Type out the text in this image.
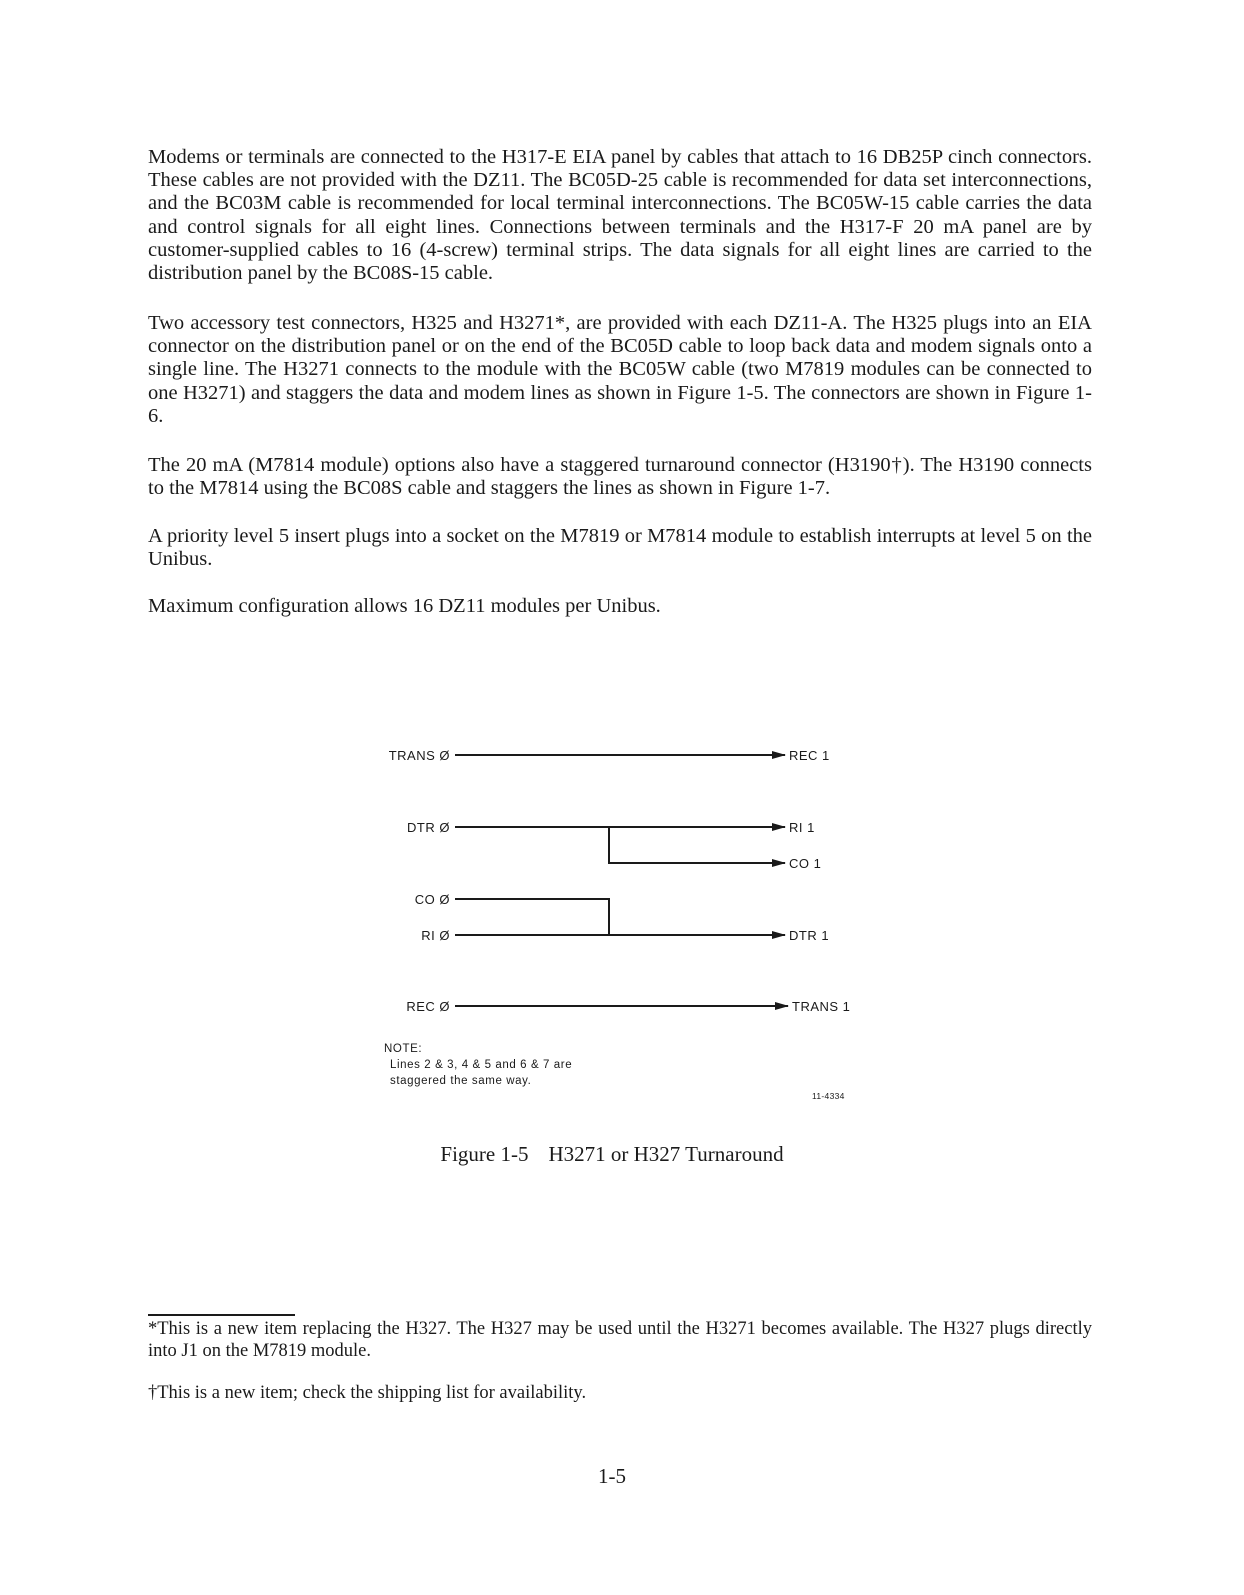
Modems or terminals are connected to the H317-E EIA panel by cables that attach to 16 DB25P cinch connectors. These cables are not provided with the DZ11. The BC05D-25 cable is recommended for data set interconnections, and the BC03M cable is recommended for local terminal interconnections. The BC05W-15 cable carries the data and control signals for all eight lines. Connections between terminals and the H317-F 20 mA panel are by customer-supplied cables to 16 (4-screw) terminal strips. The data signals for all eight lines are carried to the distribution panel by the BC08S-15 cable.

Two accessory test connectors, H325 and H3271*, are provided with each DZ11-A. The H325 plugs into an EIA connector on the distribution panel or on the end of the BC05D cable to loop back data and modem signals onto a single line. The H3271 connects to the module with the BC05W cable (two M7819 modules can be connected to one H3271) and staggers the data and modem lines as shown in Figure 1-5. The connectors are shown in Figure 1-6.

The 20 mA (M7814 module) options also have a staggered turnaround connector (H3190†). The H3190 connects to the M7814 using the BC08S cable and staggers the lines as shown in Figure 1-7.

A priority level 5 insert plugs into a socket on the M7819 or M7814 module to establish interrupts at level 5 on the Unibus.

Maximum configuration allows 16 DZ11 modules per Unibus.

TRANS Ø
DTR Ø
CO Ø
RI Ø
REC Ø
REC 1
RI 1
CO 1
DTR 1
TRANS 1
NOTE:
Lines 2 & 3, 4 & 5 and 6 & 7 are
staggered the same way.
11-4334

Figure 1-5 H3271 or H327 Turnaround

*This is a new item replacing the H327. The H327 may be used until the H3271 becomes available. The H327 plugs directly into J1 on the M7819 module.

†This is a new item; check the shipping list for availability.

1-5
